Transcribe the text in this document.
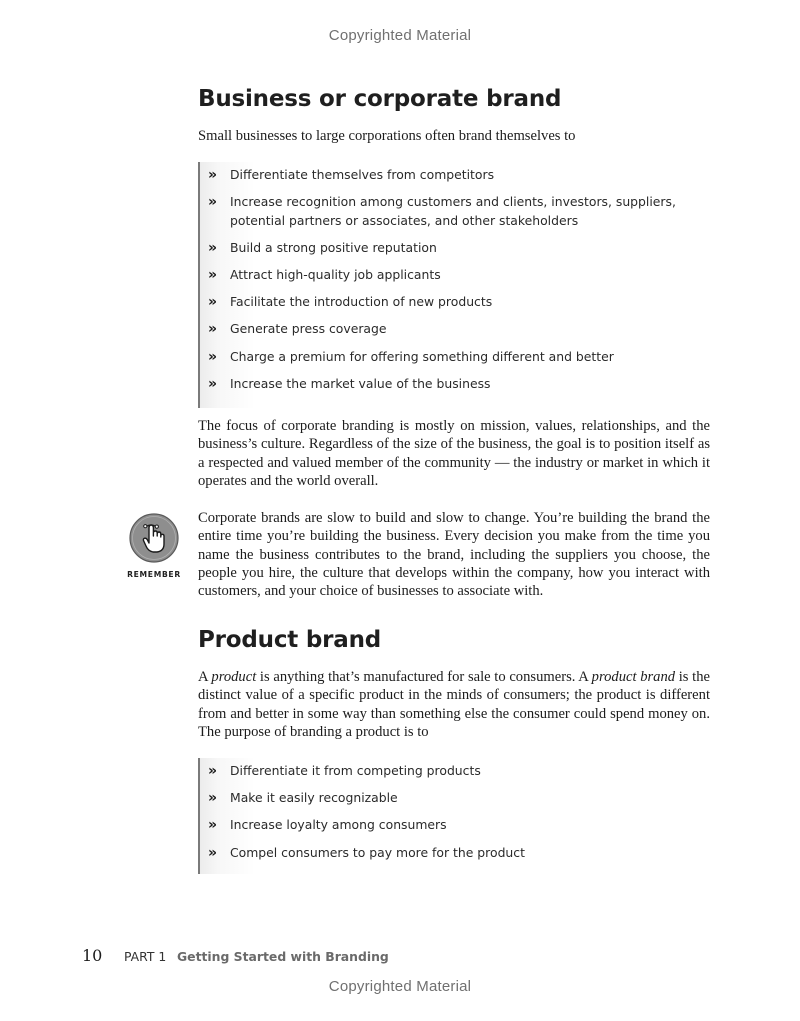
Copyrighted Material
Business or corporate brand

Small businesses to large corporations often brand themselves to

»	Differentiate themselves from competitors
»	Increase recognition among customers and clients, investors, suppliers, potential partners or associates, and other stakeholders
»	Build a strong positive reputation
»	Attract high-quality job applicants
»	Facilitate the introduction of new products
»	Generate press coverage
»	Charge a premium for offering something different and better
»	Increase the market value of the business

The focus of corporate branding is mostly on mission, values, relationships, and the business’s culture. Regardless of the size of the business, the goal is to position itself as a respected and valued member of the community — the industry or market in which it operates and the world overall.

REMEMBER

Corporate brands are slow to build and slow to change. You’re building the brand the entire time you’re building the business. Every decision you make from the time you name the business contributes to the brand, including the suppliers you choose, the people you hire, the culture that develops within the company, how you interact with customers, and your choice of businesses to associate with.

Product brand

A product is anything that’s manufactured for sale to consumers. A product brand is the distinct value of a specific product in the minds of consumers; the product is different from and better in some way than something else the consumer could spend money on. The purpose of branding a product is to

»	Differentiate it from competing products
»	Make it easily recognizable
»	Increase loyalty among consumers
»	Compel consumers to pay more for the product
10 PART 1 Getting Started with Branding
Copyrighted Material
